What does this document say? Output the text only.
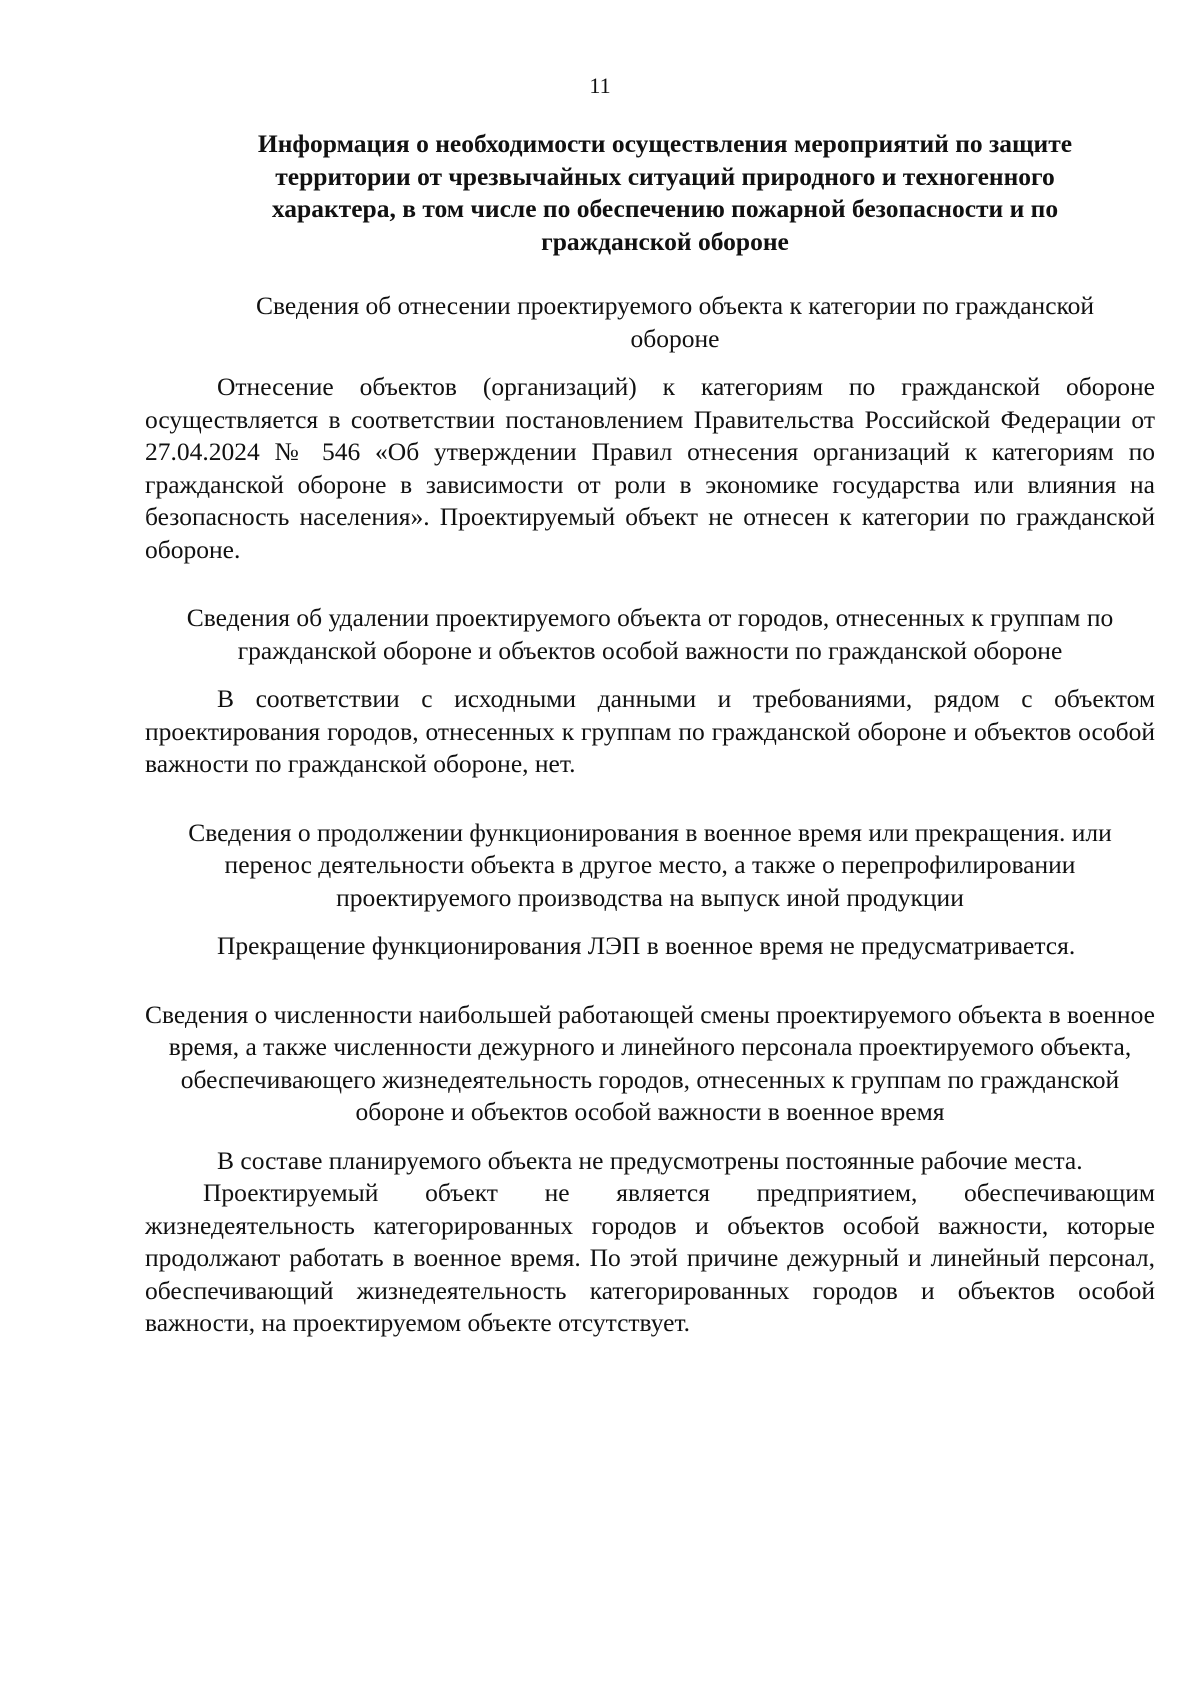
11
Информация о необходимости осуществления мероприятий по защите территории от чрезвычайных ситуаций природного и техногенного характера, в том числе по обеспечению пожарной безопасности и по гражданской обороне
Сведения об отнесении проектируемого объекта к категории по гражданской обороне

Отнесение объектов (организаций) к категориям по гражданской обороне осуществляется в соответствии постановлением Правительства Российской Федерации от 27.04.2024 № 546 «Об утверждении Правил отнесения организаций к категориям по гражданской обороне в зависимости от роли в экономике государства или влияния на безопасность населения». Проектируемый объект не отнесен к категории по гражданской обороне.

Сведения об удалении проектируемого объекта от городов, отнесенных к группам по гражданской обороне и объектов особой важности по гражданской обороне

В соответствии с исходными данными и требованиями, рядом с объектом проектирования городов, отнесенных к группам по гражданской обороне и объектов особой важности по гражданской обороне, нет.

Сведения о продолжении функционирования в военное время или прекращения. или перенос деятельности объекта в другое место, а также о перепрофилировании проектируемого производства на выпуск иной продукции

Прекращение функционирования ЛЭП в военное время не предусматривается.

Сведения о численности наибольшей работающей смены проектируемого объекта в военное время, а также численности дежурного и линейного персонала проектируемого объекта, обеспечивающего жизнедеятельность городов, отнесенных к группам по гражданской обороне и объектов особой важности в военное время

В составе планируемого объекта не предусмотрены постоянные рабочие места.

Проектируемый объект не является предприятием, обеспечивающим жизнедеятельность категорированных городов и объектов особой важности, которые продолжают работать в военное время. По этой причине дежурный и линейный персонал, обеспечивающий жизнедеятельность категорированных городов и объектов особой важности, на проектируемом объекте отсутствует.
